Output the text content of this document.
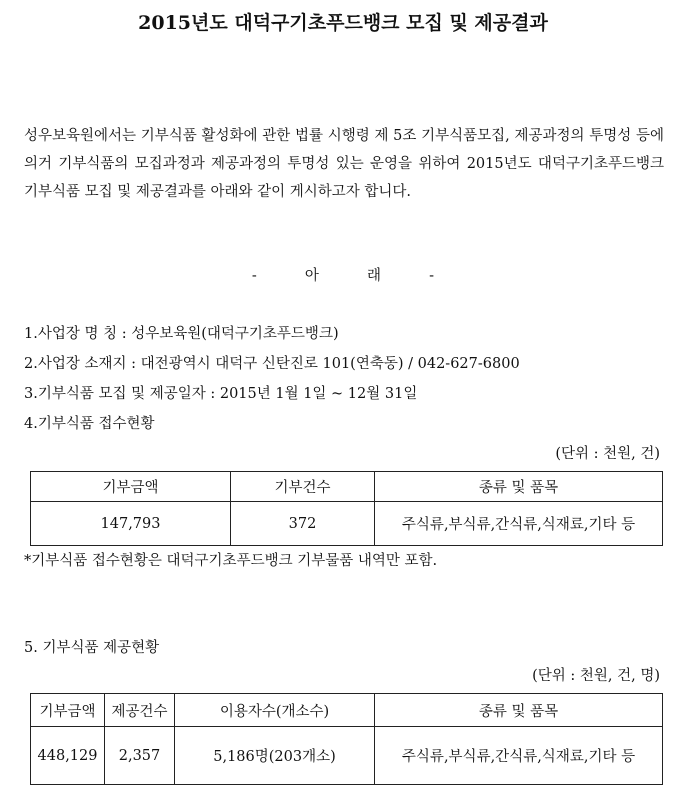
2015년도 대덕구기초푸드뱅크 모집 및 제공결과
성우보육원에서는 기부식품 활성화에 관한 법률 시행령 제 5조 기부식품모집, 제공과정의 투명성 등에 의거 기부식품의 모집과정과 제공과정의 투명성 있는 운영을 위하여 2015년도 대덕구기초푸드뱅크 기부식품 모집 및 제공결과를 아래와 같이 게시하고자 합니다.
- 아 래 -
1.사업장 명 칭 : 성우보육원(대덕구기초푸드뱅크)
2.사업장 소재지 : 대전광역시 대덕구 신탄진로 101(연축동) / 042-627-6800
3.기부식품 모집 및 제공일자 : 2015년 1월 1일 ~ 12월 31일
4.기부식품 접수현황
(단위 : 천원, 건)
기부금액	기부건수	종류 및 품목
147,793	372	주식류,부식류,간식류,식재료,기타 등
*기부식품 접수현황은 대덕구기초푸드뱅크 기부물품 내역만 포함.
5. 기부식품 제공현황
(단위 : 천원, 건, 명)
기부금액	제공건수	이용자수(개소수)	종류 및 품목
448,129	2,357	5,186명(203개소)	주식류,부식류,간식류,식재료,기타 등
